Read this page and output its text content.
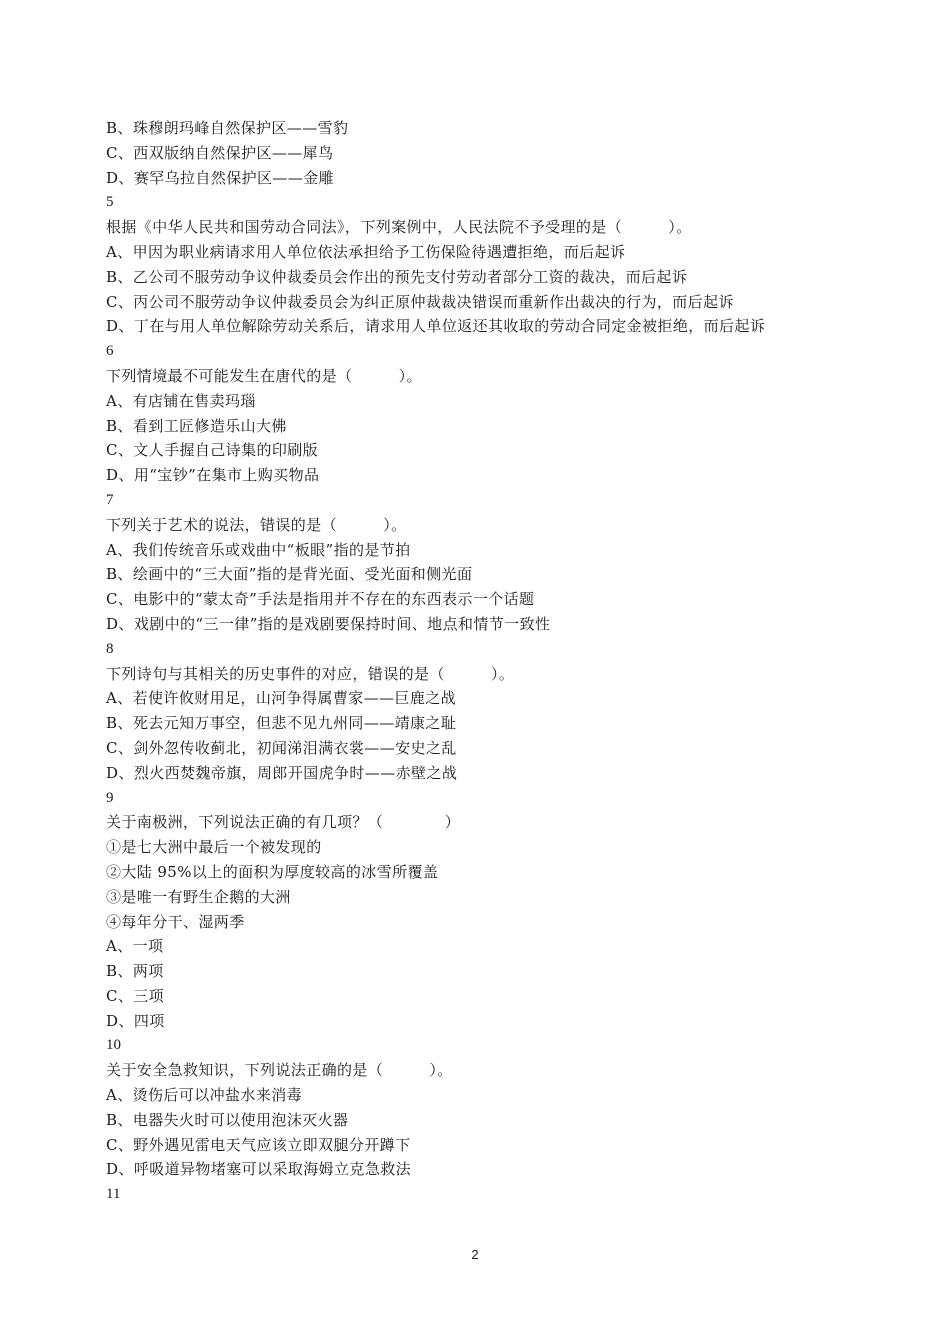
B、珠穆朗玛峰自然保护区——雪豹
C、西双版纳自然保护区——犀鸟
D、赛罕乌拉自然保护区——金雕
5
根据《中华人民共和国劳动合同法》，下列案例中，人民法院不予受理的是（　　　）。
A、甲因为职业病请求用人单位依法承担给予工伤保险待遇遭拒绝，而后起诉
B、乙公司不服劳动争议仲裁委员会作出的预先支付劳动者部分工资的裁决，而后起诉
C、丙公司不服劳动争议仲裁委员会为纠正原仲裁裁决错误而重新作出裁决的行为，而后起诉
D、丁在与用人单位解除劳动关系后，请求用人单位返还其收取的劳动合同定金被拒绝，而后起诉
6
下列情境最不可能发生在唐代的是（　　　）。
A、有店铺在售卖玛瑙
B、看到工匠修造乐山大佛
C、文人手握自己诗集的印刷版
D、用“宝钞”在集市上购买物品
7
下列关于艺术的说法，错误的是（　　　）。
A、我们传统音乐或戏曲中“板眼”指的是节拍
B、绘画中的“三大面”指的是背光面、受光面和侧光面
C、电影中的“蒙太奇”手法是指用并不存在的东西表示一个话题
D、戏剧中的“三一律”指的是戏剧要保持时间、地点和情节一致性
8
下列诗句与其相关的历史事件的对应，错误的是（　　　）。
A、若使许攸财用足，山河争得属曹家——巨鹿之战
B、死去元知万事空，但悲不见九州同——靖康之耻
C、剑外忽传收蓟北，初闻涕泪满衣裳——安史之乱
D、烈火西焚魏帝旗，周郎开国虎争时——赤壁之战
9
关于南极洲，下列说法正确的有几项？（　　　　）
①是七大洲中最后一个被发现的
②大陆 95%以上的面积为厚度较高的冰雪所覆盖
③是唯一有野生企鹅的大洲
④每年分干、湿两季
A、一项
B、两项
C、三项
D、四项
10
关于安全急救知识，下列说法正确的是（　　　）。
A、烫伤后可以冲盐水来消毒
B、电器失火时可以使用泡沫灭火器
C、野外遇见雷电天气应该立即双腿分开蹲下
D、呼吸道异物堵塞可以采取海姆立克急救法
11
2
